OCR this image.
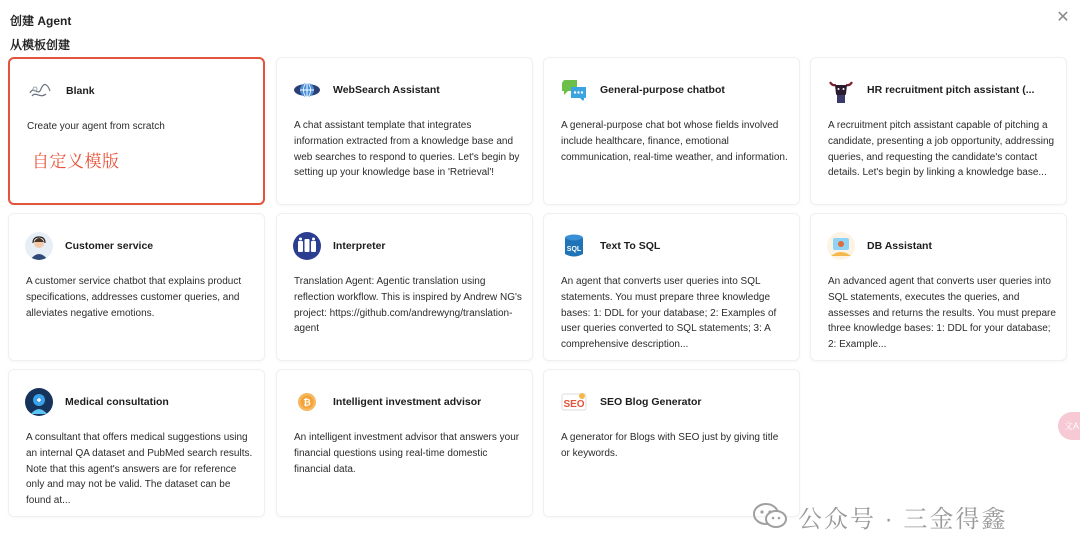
创建 Agent
从模板创建
✕
Blank
Create your agent from scratch
自定义模版
WebSearch Assistant
A chat assistant template that integrates information extracted from a knowledge base and web searches to respond to queries. Let's begin by setting up your knowledge base in 'Retrieval'!
General-purpose chatbot
A general-purpose chat bot whose fields involved include healthcare, finance, emotional communication, real-time weather, and information.
HR recruitment pitch assistant (...
A recruitment pitch assistant capable of pitching a candidate, presenting a job opportunity, addressing queries, and requesting the candidate's contact details. Let's begin by linking a knowledge base...
Customer service
A customer service chatbot that explains product specifications, addresses customer queries, and alleviates negative emotions.
Interpreter
Translation Agent: Agentic translation using reflection workflow. This is inspired by Andrew NG's project: https://github.com/andrewyng/translation-agent
SQL Text To SQL
An agent that converts user queries into SQL statements. You must prepare three knowledge bases: 1: DDL for your database; 2: Examples of user queries converted to SQL statements; 3: A comprehensive description...
DB Assistant
An advanced agent that converts user queries into SQL statements, executes the queries, and assesses and returns the results. You must prepare three knowledge bases: 1: DDL for your database; 2: Example...
Medical consultation
A consultant that offers medical suggestions using an internal QA dataset and PubMed search results. Note that this agent's answers are for reference only and may not be valid. The dataset can be found at...
₿ Intelligent investment advisor
An intelligent investment advisor that answers your financial questions using real-time domestic financial data.
SEO SEO Blog Generator
A generator for Blogs with SEO just by giving title or keywords.
公众号 · 三金得鑫
文A
